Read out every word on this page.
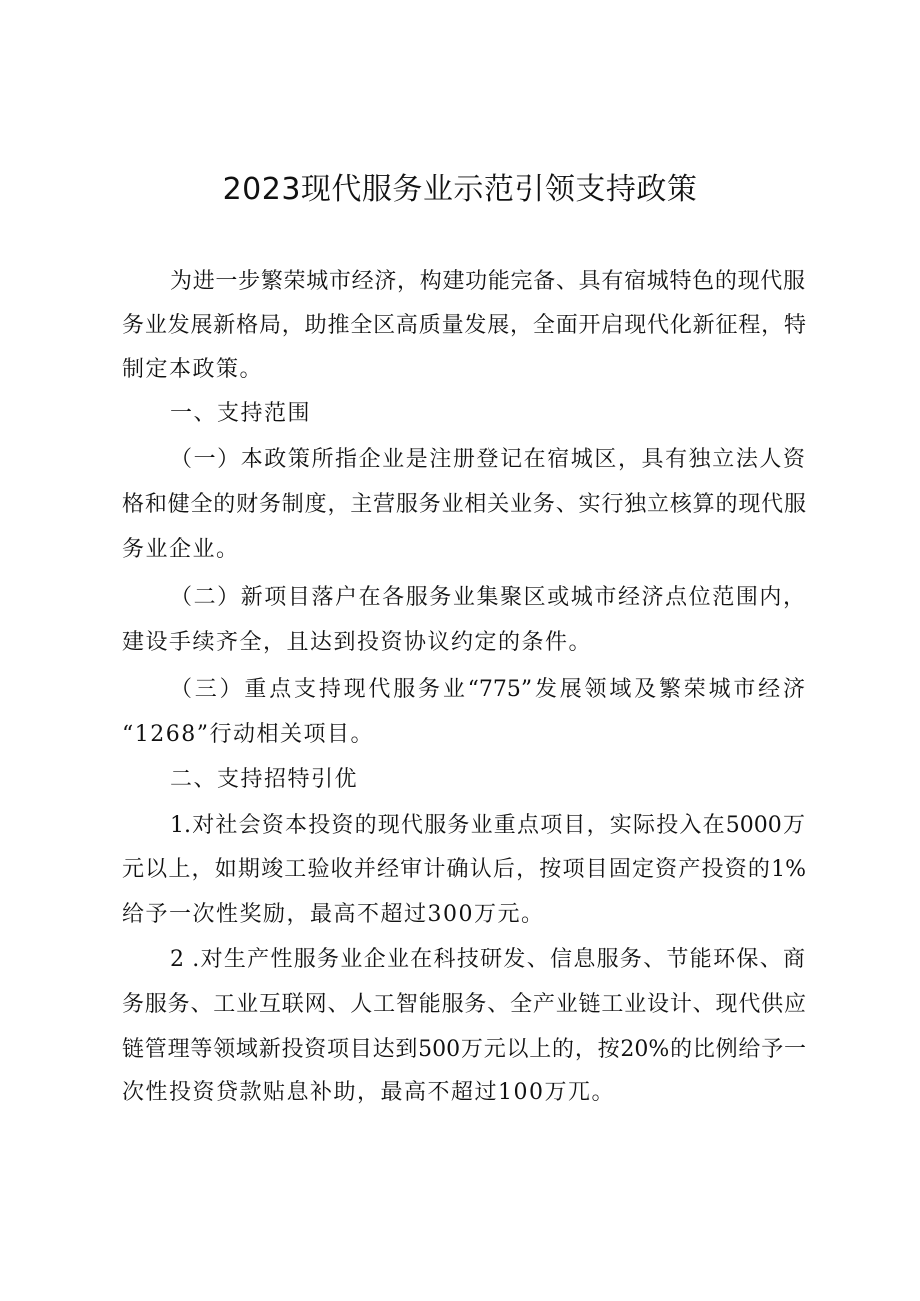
2023现代服务业示范引领支持政策
为进一步繁荣城市经济，构建功能完备、具有宿城特色的现代服
务业发展新格局，助推全区高质量发展，全面开启现代化新征程，特
制定本政策。
一、支持范围
（一）本政策所指企业是注册登记在宿城区，具有独立法人资
格和健全的财务制度，主营服务业相关业务、实行独立核算的现代服
务业企业。
（二）新项目落户在各服务业集聚区或城市经济点位范围内，
建设手续齐全，且达到投资协议约定的条件。
（三）重点支持现代服务业“775”发展领域及繁荣城市经济
“1268”行动相关项目。
二、支持招特引优
1.对社会资本投资的现代服务业重点项目，实际投入在5000万
元以上，如期竣工验收并经审计确认后，按项目固定资产投资的1%
给予一次性奖励，最高不超过300万元。
2 .对生产性服务业企业在科技研发、信息服务、节能环保、商
务服务、工业互联网、人工智能服务、全产业链工业设计、现代供应
链管理等领域新投资项目达到500万元以上的，按20%的比例给予一
次性投资贷款贴息补助，最高不超过100万兀。
